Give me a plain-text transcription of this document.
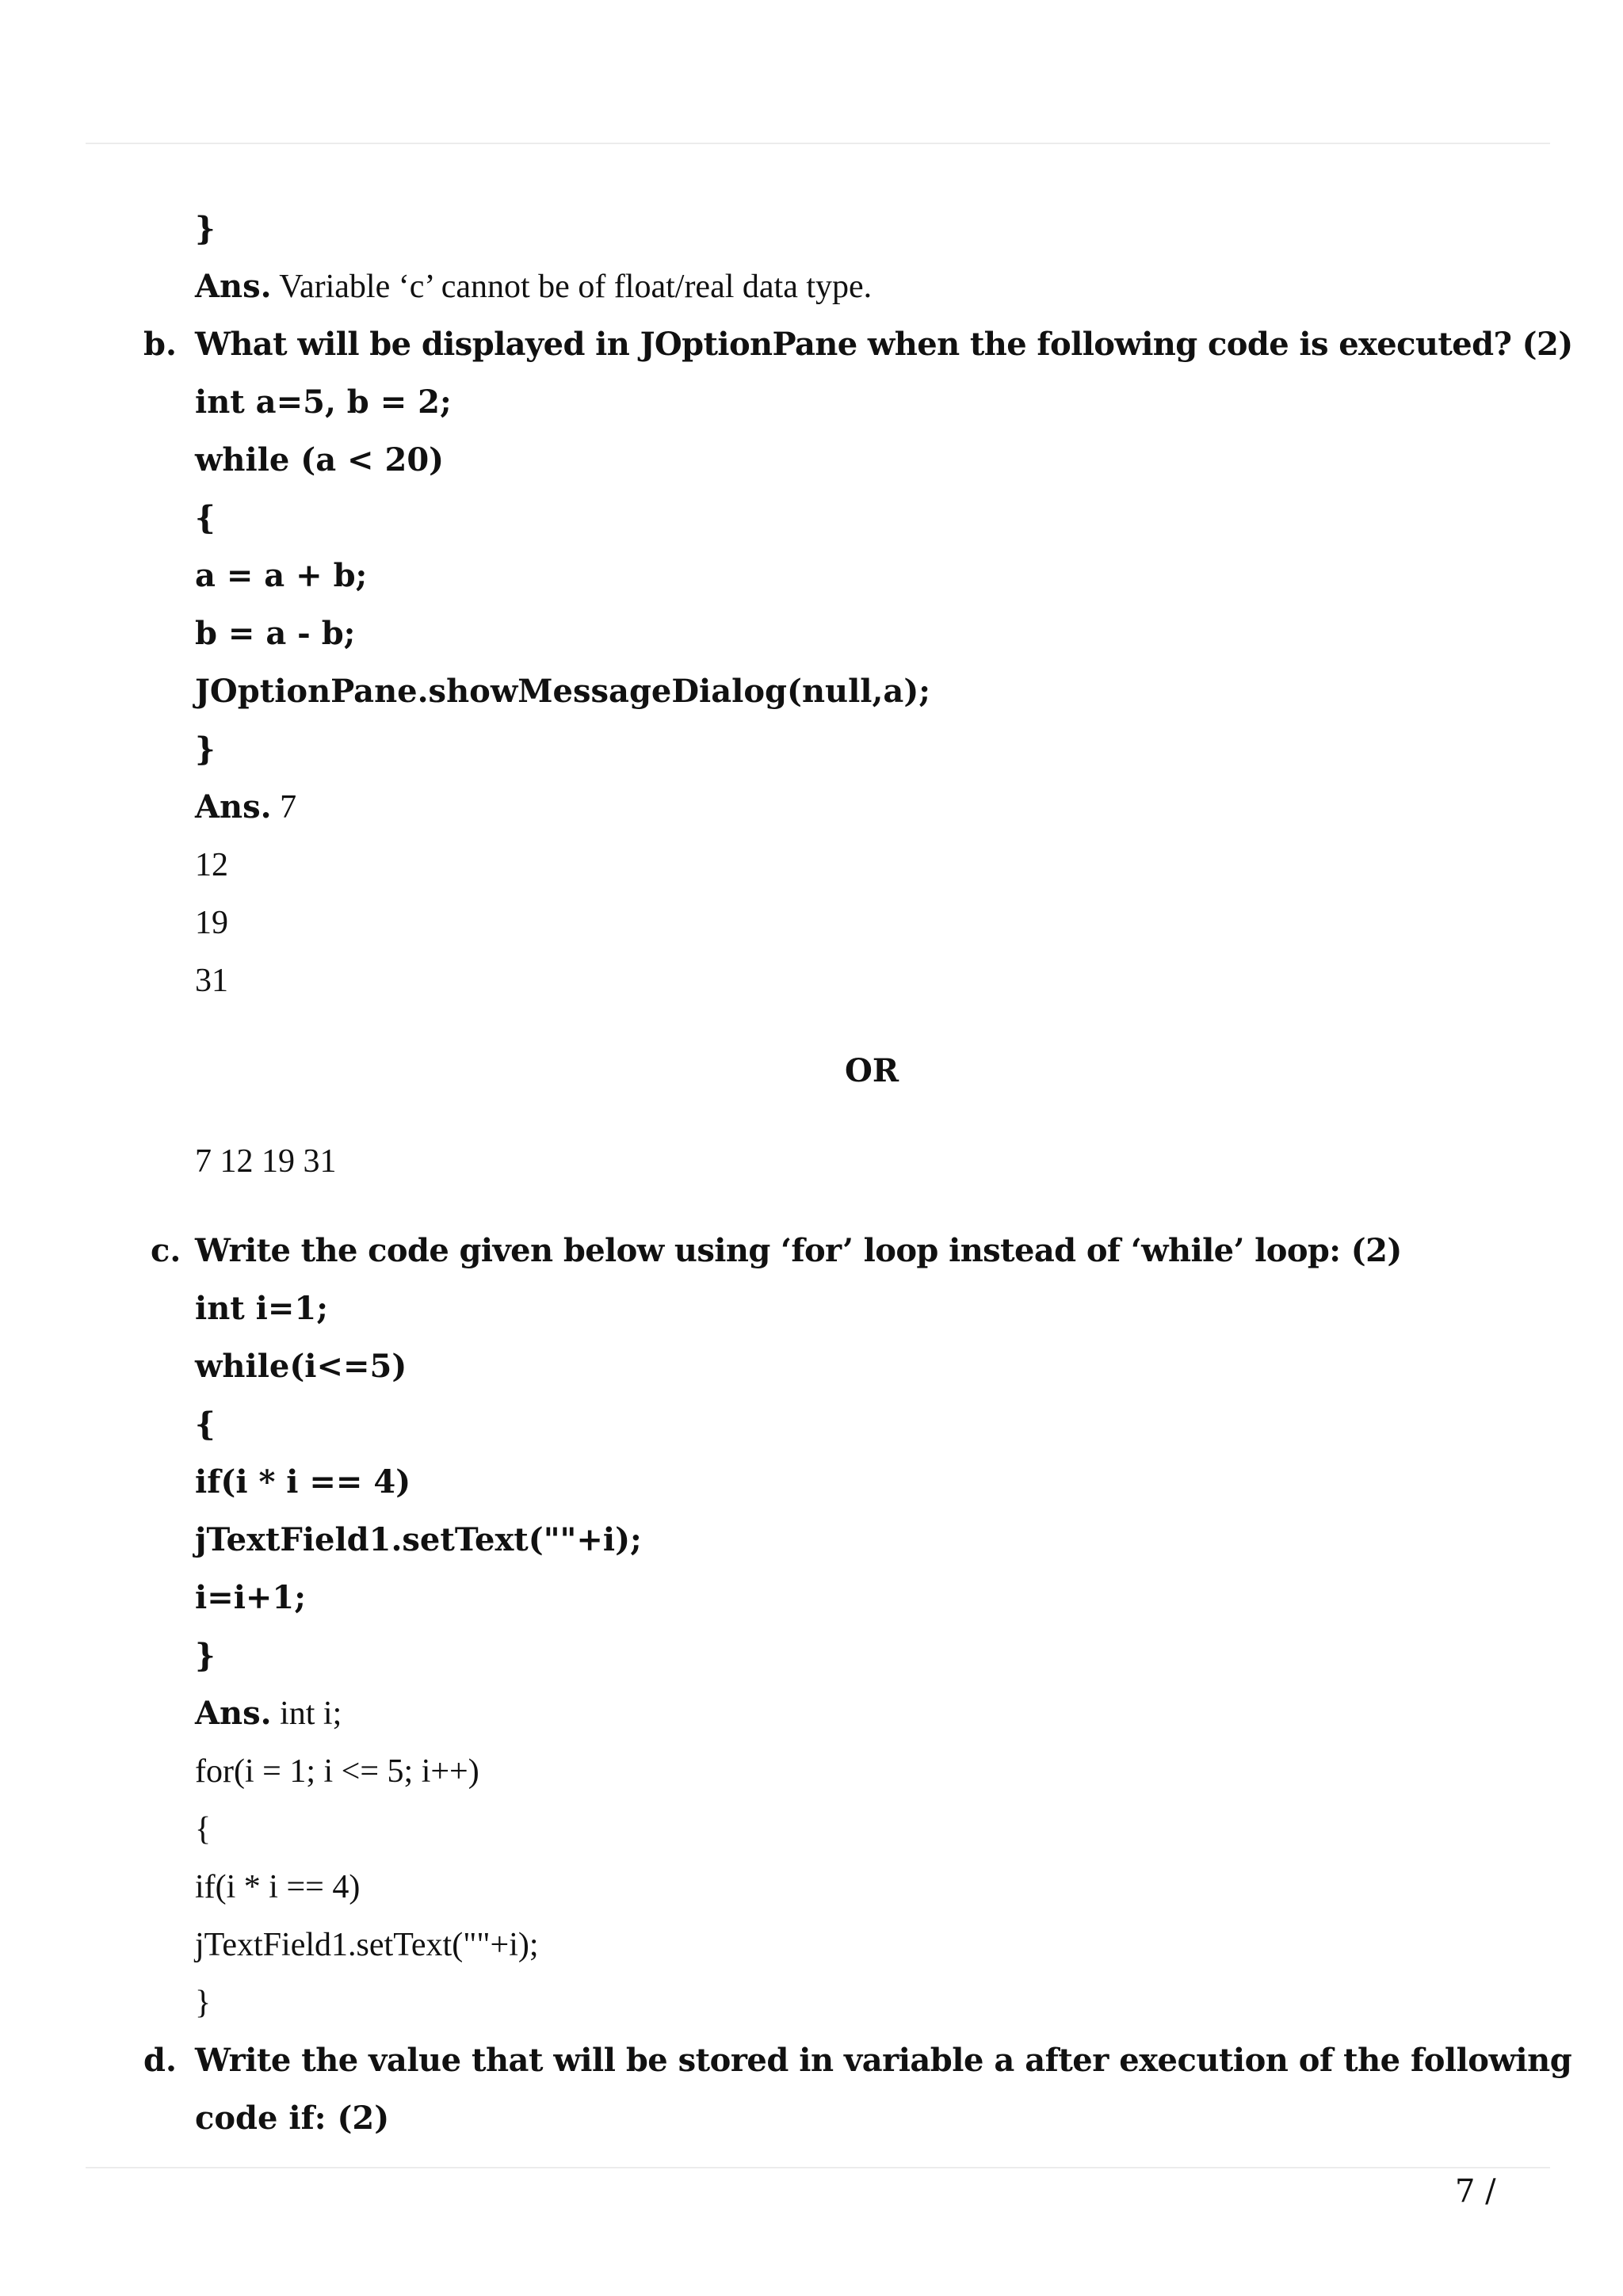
}
Ans. Variable ‘c’ cannot be of float/real data type.
b. What will be displayed in JOptionPane when the following code is executed? (2)
int a=5, b = 2;
while (a < 20)
{
a = a + b;
b = a - b;
JOptionPane.showMessageDialog(null,a);
}
Ans. 7
12
19
31
OR
7 12 19 31
c. Write the code given below using ‘for’ loop instead of ‘while’ loop: (2)
int i=1;
while(i<=5)
{
if(i * i == 4)
jTextField1.setText(""+i);
i=i+1;
}
Ans. int i;
for(i = 1; i <= 5; i++)
{
if(i * i == 4)
jTextField1.setText(""+i);
}
d. Write the value that will be stored in variable a after execution of the following
code if: (2)
7 /
